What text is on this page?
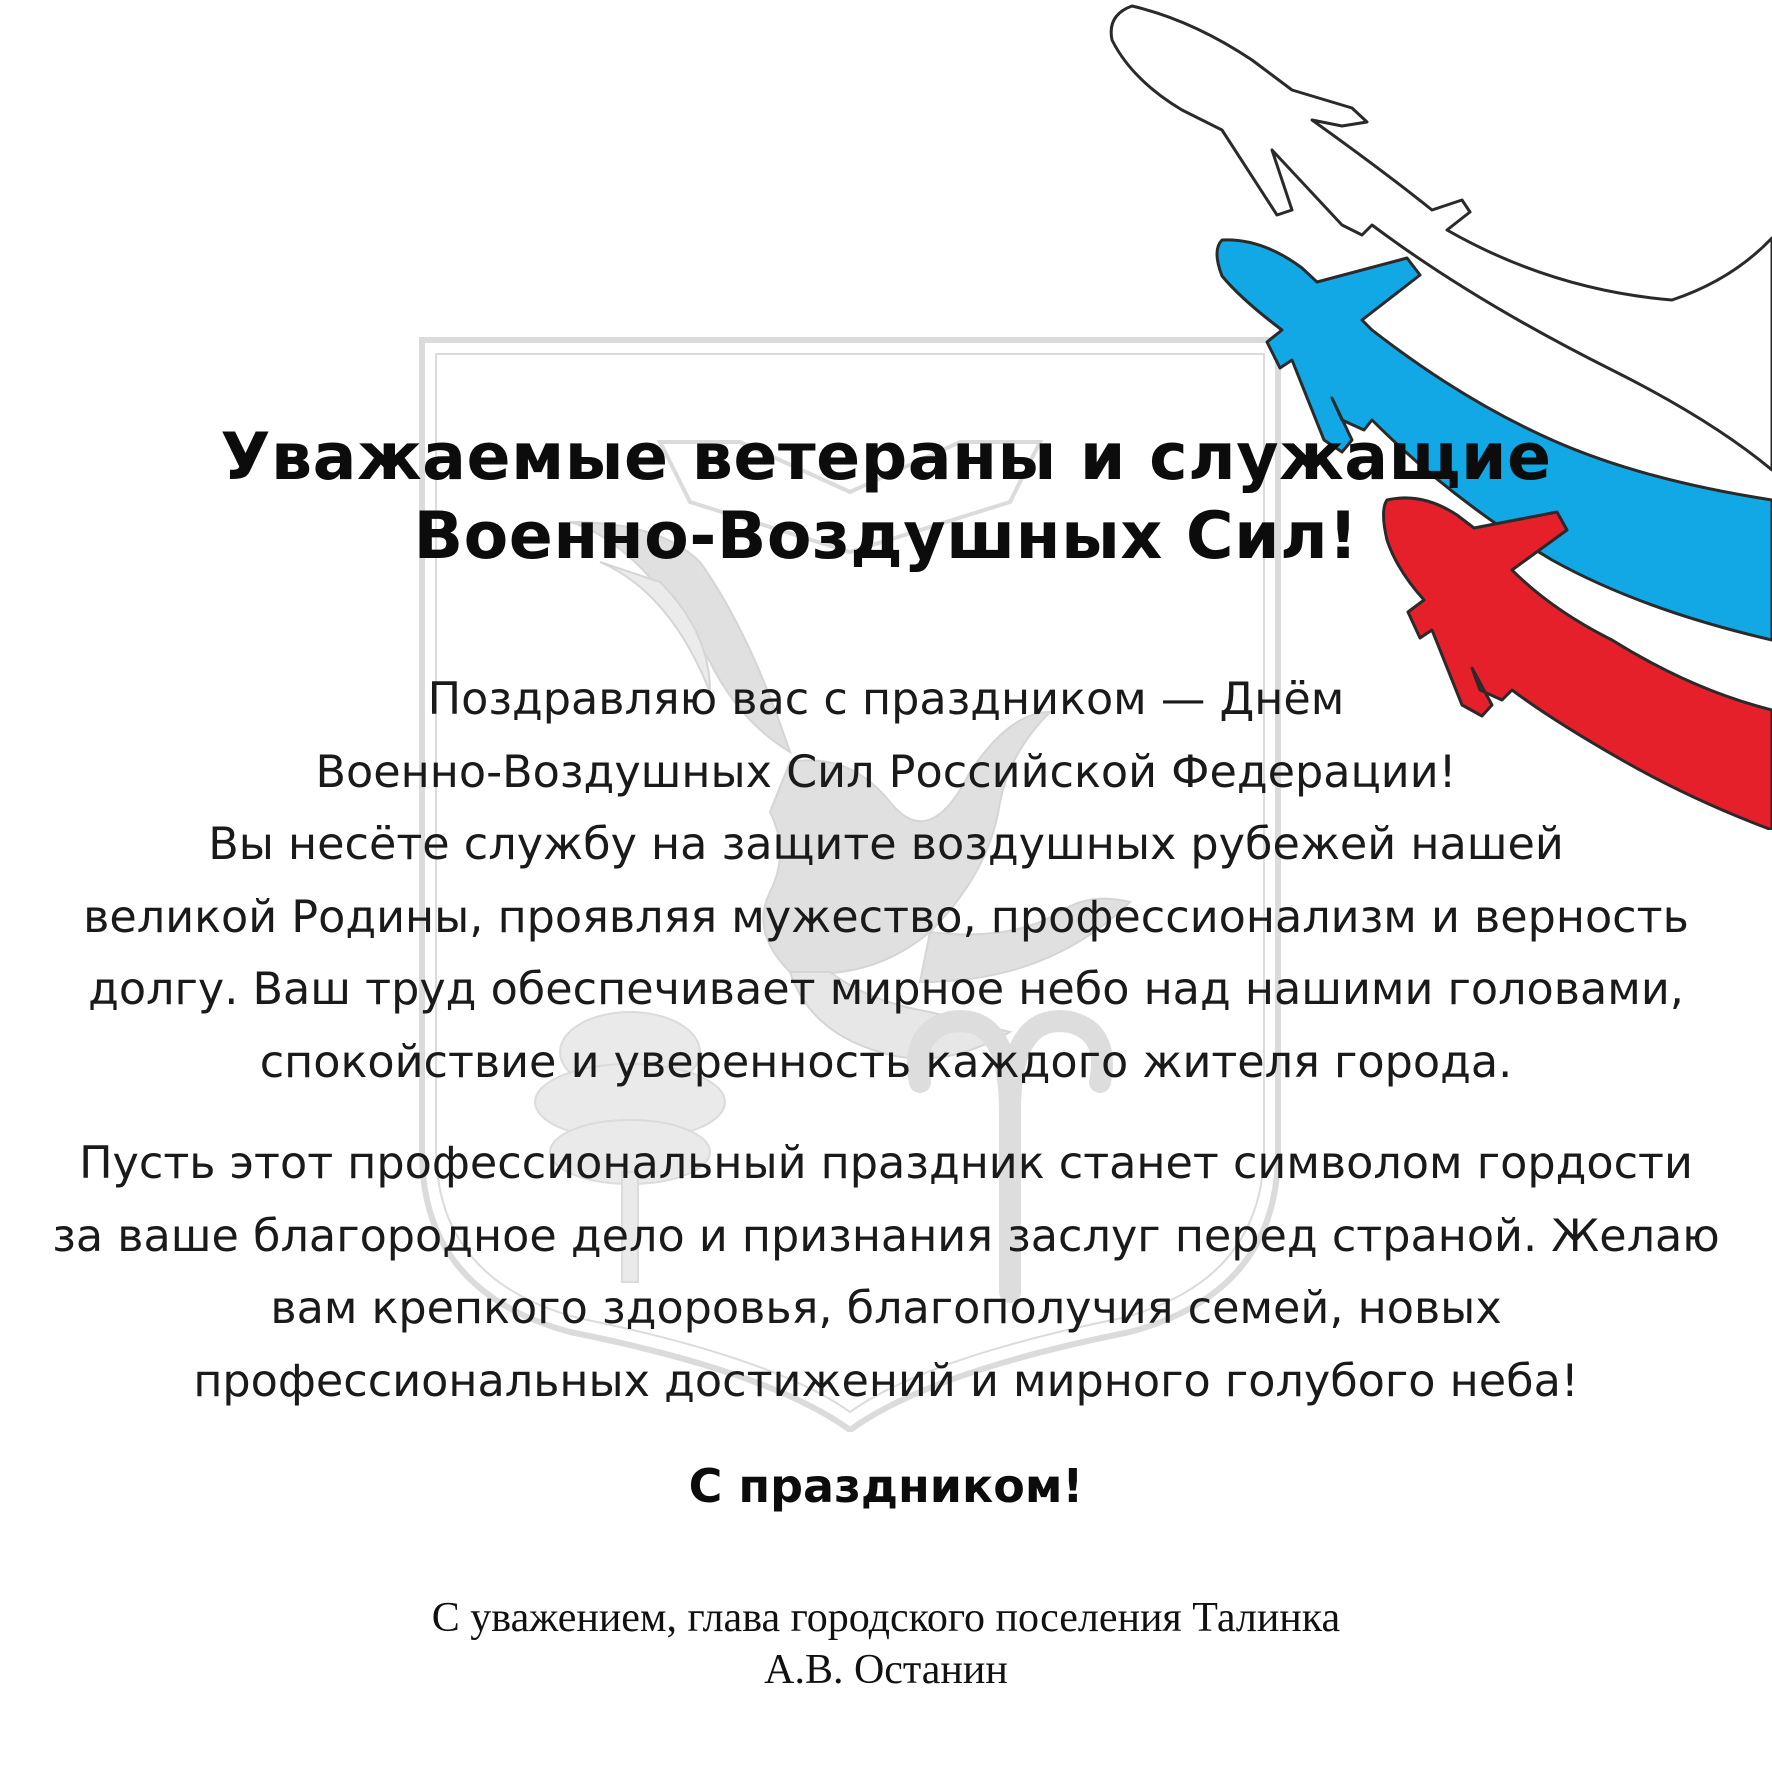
Уважаемые ветераны и служащие
Военно-Воздушных Сил!

Поздравляю вас с праздником — Днём
Военно-Воздушных Сил Российской Федерации!
Вы несёте службу на защите воздушных рубежей нашей
великой Родины, проявляя мужество, профессионализм и верность
долгу. Ваш труд обеспечивает мирное небо над нашими головами,
спокойствие и уверенность каждого жителя города.

Пусть этот профессиональный праздник станет символом гордости
за ваше благородное дело и признания заслуг перед страной. Желаю
вам крепкого здоровья, благополучия семей, новых
профессиональных достижений и мирного голубого неба!

С праздником!

С уважением, глава городского поселения Талинка
А.В. Останин
